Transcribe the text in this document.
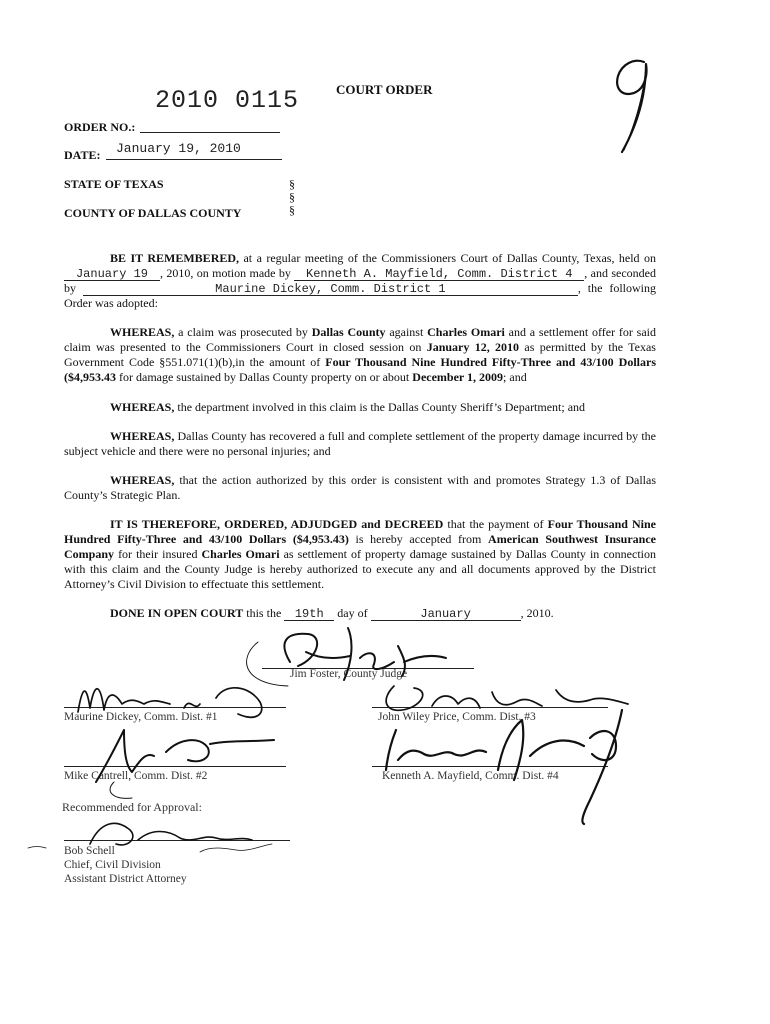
2010 0115	COURT ORDER
ORDER NO.:
DATE: January 19, 2010
STATE OF TEXAS
COUNTY OF DALLAS COUNTY
§
§
§
BE IT REMEMBERED, at a regular meeting of the Commissioners Court of Dallas County, Texas, held on January 19 , 2010, on motion made by Kenneth A. Mayfield, Comm. District 4 , and seconded by	Maurine Dickey, Comm. District 1	, the following Order was adopted:
WHEREAS, a claim was prosecuted by Dallas County against Charles Omari and a settlement offer for said claim was presented to the Commissioners Court in closed session on January 12, 2010 as permitted by the Texas Government Code §551.071(1)(b),in the amount of Four Thousand Nine Hundred Fifty-Three and 43/100 Dollars ($4,953.43 for damage sustained by Dallas County property on or about December 1, 2009; and
WHEREAS, the department involved in this claim is the Dallas County Sheriff’s Department; and
WHEREAS, Dallas County has recovered a full and complete settlement of the property damage incurred by the subject vehicle and there were no personal injuries; and
WHEREAS, that the action authorized by this order is consistent with and promotes Strategy 1.3 of Dallas County’s Strategic Plan.
IT IS THEREFORE, ORDERED, ADJUDGED and DECREED that the payment of Four Thousand Nine Hundred Fifty-Three and 43/100 Dollars ($4,953.43) is hereby accepted from American Southwest Insurance Company for their insured Charles Omari as settlement of property damage sustained by Dallas County in connection with this claim and the County Judge is hereby authorized to execute any and all documents approved by the District Attorney’s Civil Division to effectuate this settlement.
DONE IN OPEN COURT this the 19th day of	January	, 2010.
Jim Foster, County Judge
Maurine Dickey, Comm. Dist. #1	John Wiley Price, Comm. Dist. #3
Mike Cantrell, Comm. Dist. #2	Kenneth A. Mayfield, Comm. Dist. #4
Recommended for Approval:
Bob Schell
Chief, Civil Division
Assistant District Attorney
